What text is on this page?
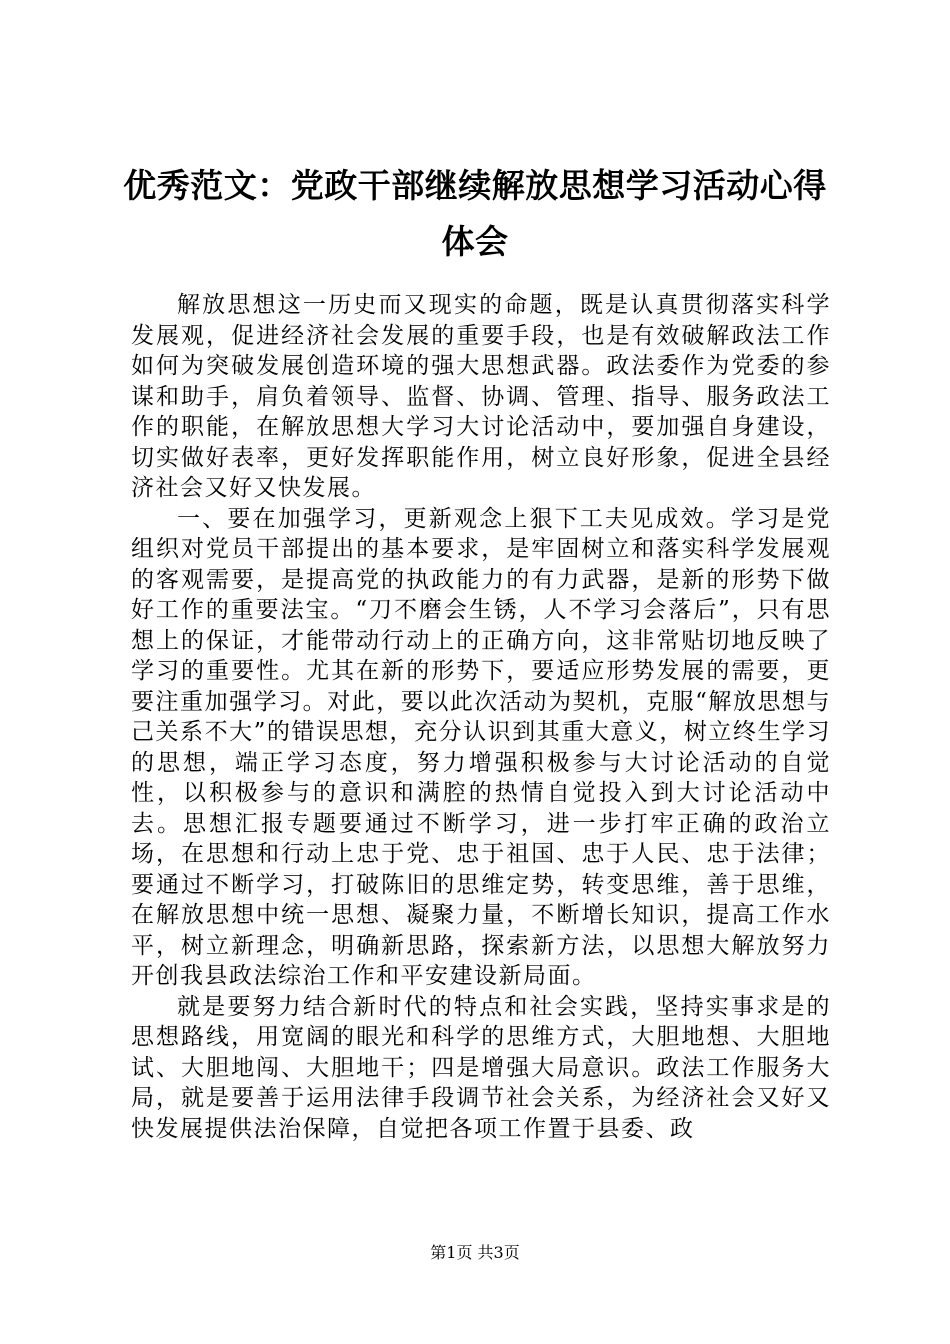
优秀范文：党政干部继续解放思想学习活动心得体会

解放思想这一历史而又现实的命题，既是认真贯彻落实科学发展观，促进经济社会发展的重要手段，也是有效破解政法工作如何为突破发展创造环境的强大思想武器。政法委作为党委的参谋和助手，肩负着领导、监督、协调、管理、指导、服务政法工作的职能，在解放思想大学习大讨论活动中，要加强自身建设，切实做好表率，更好发挥职能作用，树立良好形象，促进全县经济社会又好又快发展。

一、要在加强学习，更新观念上狠下工夫见成效。学习是党组织对党员干部提出的基本要求，是牢固树立和落实科学发展观的客观需要，是提高党的执政能力的有力武器，是新的形势下做好工作的重要法宝。“刀不磨会生锈，人不学习会落后”，只有思想上的保证，才能带动行动上的正确方向，这非常贴切地反映了学习的重要性。尤其在新的形势下，要适应形势发展的需要，更要注重加强学习。对此，要以此次活动为契机，克服“解放思想与己关系不大”的错误思想，充分认识到其重大意义，树立终生学习的思想，端正学习态度，努力增强积极参与大讨论活动的自觉性，以积极参与的意识和满腔的热情自觉投入到大讨论活动中去。思想汇报专题要通过不断学习，进一步打牢正确的政治立场，在思想和行动上忠于党、忠于祖国、忠于人民、忠于法律；要通过不断学习，打破陈旧的思维定势，转变思维，善于思维，在解放思想中统一思想、凝聚力量，不断增长知识，提高工作水平，树立新理念，明确新思路，探索新方法，以思想大解放努力开创我县政法综治工作和平安建设新局面。

就是要努力结合新时代的特点和社会实践，坚持实事求是的思想路线，用宽阔的眼光和科学的思维方式，大胆地想、大胆地试、大胆地闯、大胆地干；四是增强大局意识。政法工作服务大局，就是要善于运用法律手段调节社会关系，为经济社会又好又快发展提供法治保障，自觉把各项工作置于县委、政

第1页 共3页
